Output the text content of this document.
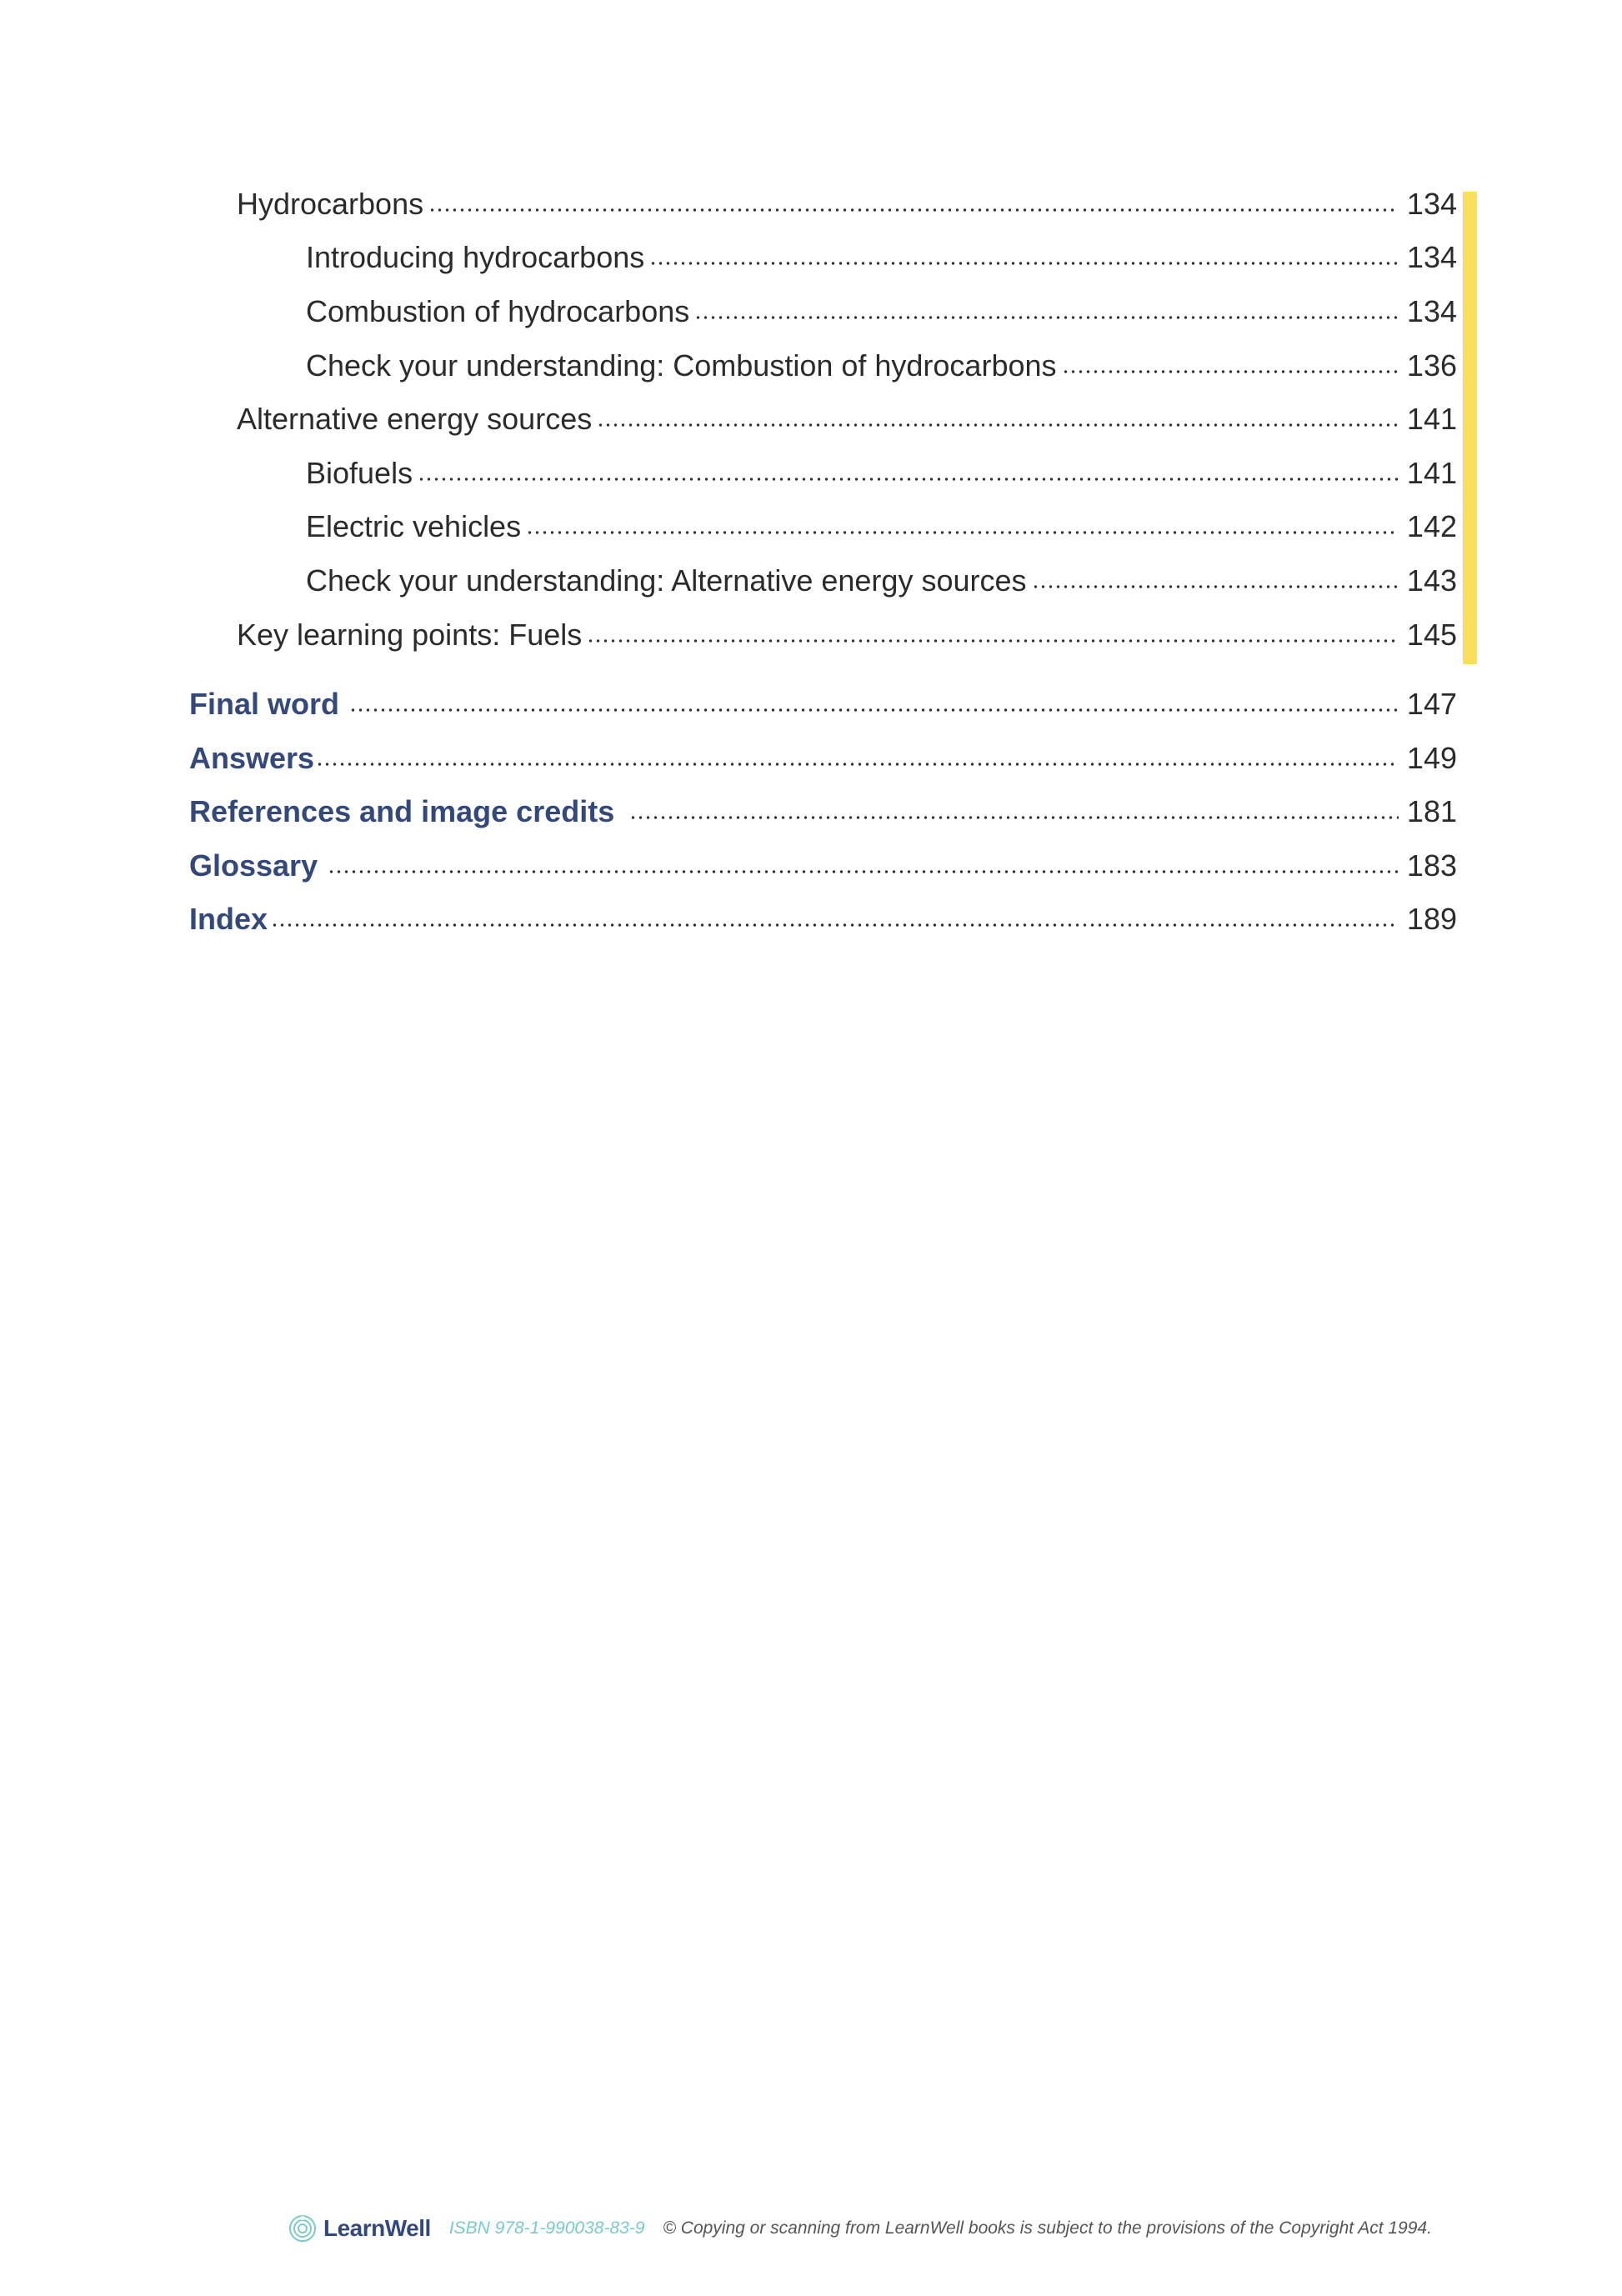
Hydrocarbons	134
Introducing hydrocarbons	134
Combustion of hydrocarbons	134
Check your understanding: Combustion of hydrocarbons	136
Alternative energy sources	141
Biofuels	141
Electric vehicles	142
Check your understanding: Alternative energy sources	143
Key learning points: Fuels	145
Final word	147
Answers	149
References and image credits	181
Glossary	183
Index	189
LearnWell ISBN 978-1-990038-83-9 © Copying or scanning from LearnWell books is subject to the provisions of the Copyright Act 1994.
